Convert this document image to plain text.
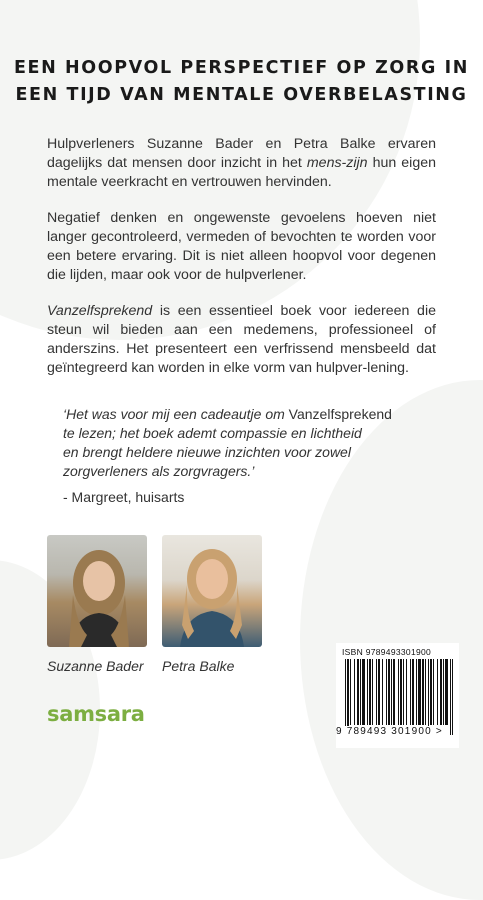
EEN HOOPVOL PERSPECTIEF OP ZORG IN
EEN TIJD VAN MENTALE OVERBELASTING

Hulpverleners Suzanne Bader en Petra Balke ervaren dagelijks dat mensen door inzicht in het mens-zijn hun eigen mentale veerkracht en vertrouwen hervinden.

Negatief denken en ongewenste gevoelens hoeven niet langer gecontroleerd, vermeden of bevochten te worden voor een betere ervaring. Dit is niet alleen hoopvol voor degenen die lijden, maar ook voor de hulpverlener.

Vanzelfsprekend is een essentieel boek voor iedereen die steun wil bieden aan een medemens, professioneel of anderszins. Het presenteert een verfrissend mensbeeld dat geïntegreerd kan worden in elke vorm van hulpver-lening.

‘Het was voor mij een cadeautje om Vanzelfsprekend
te lezen; het boek ademt compassie en lichtheid
en brengt heldere nieuwe inzichten voor zowel
zorgverleners als zorgvragers.’
- Margreet, huisarts
Suzanne Bader Petra Balke
samsara
ISBN 9789493301900
9 789493 301900 >
